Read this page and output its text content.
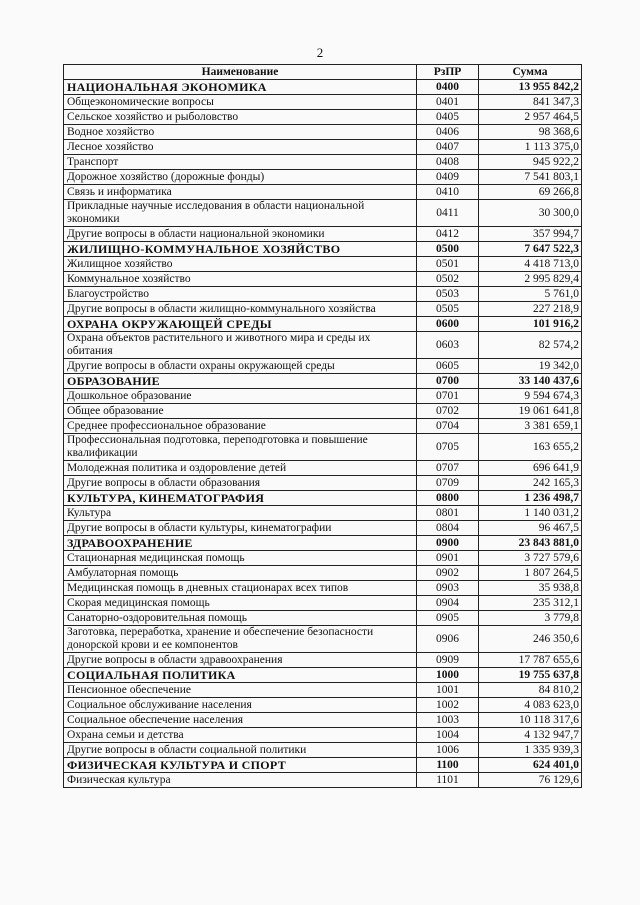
2
Наименование	РзПР	Сумма
НАЦИОНАЛЬНАЯ ЭКОНОМИКА	0400	13 955 842,2
Общеэкономические вопросы	0401	841 347,3
Сельское хозяйство и рыболовство	0405	2 957 464,5
Водное хозяйство	0406	98 368,6
Лесное хозяйство	0407	1 113 375,0
Транспорт	0408	945 922,2
Дорожное хозяйство (дорожные фонды)	0409	7 541 803,1
Связь и информатика	0410	69 266,8
Прикладные научные исследования в области национальной экономики	0411	30 300,0
Другие вопросы в области национальной экономики	0412	357 994,7
ЖИЛИЩНО-КОММУНАЛЬНОЕ ХОЗЯЙСТВО	0500	7 647 522,3
Жилищное хозяйство	0501	4 418 713,0
Коммунальное хозяйство	0502	2 995 829,4
Благоустройство	0503	5 761,0
Другие вопросы в области жилищно-коммунального хозяйства	0505	227 218,9
ОХРАНА ОКРУЖАЮЩЕЙ СРЕДЫ	0600	101 916,2
Охрана объектов растительного и животного мира и среды их обитания	0603	82 574,2
Другие вопросы в области охраны окружающей среды	0605	19 342,0
ОБРАЗОВАНИЕ	0700	33 140 437,6
Дошкольное образование	0701	9 594 674,3
Общее образование	0702	19 061 641,8
Среднее профессиональное образование	0704	3 381 659,1
Профессиональная подготовка, переподготовка и повышение квалификации	0705	163 655,2
Молодежная политика и оздоровление детей	0707	696 641,9
Другие вопросы в области образования	0709	242 165,3
КУЛЬТУРА, КИНЕМАТОГРАФИЯ	0800	1 236 498,7
Культура	0801	1 140 031,2
Другие вопросы в области культуры, кинематографии	0804	96 467,5
ЗДРАВООХРАНЕНИЕ	0900	23 843 881,0
Стационарная медицинская помощь	0901	3 727 579,6
Амбулаторная помощь	0902	1 807 264,5
Медицинская помощь в дневных стационарах всех типов	0903	35 938,8
Скорая медицинская помощь	0904	235 312,1
Санаторно-оздоровительная помощь	0905	3 779,8
Заготовка, переработка, хранение и обеспечение безопасности донорской крови и ее компонентов	0906	246 350,6
Другие вопросы в области здравоохранения	0909	17 787 655,6
СОЦИАЛЬНАЯ ПОЛИТИКА	1000	19 755 637,8
Пенсионное обеспечение	1001	84 810,2
Социальное обслуживание населения	1002	4 083 623,0
Социальное обеспечение населения	1003	10 118 317,6
Охрана семьи и детства	1004	4 132 947,7
Другие вопросы в области социальной политики	1006	1 335 939,3
ФИЗИЧЕСКАЯ КУЛЬТУРА И СПОРТ	1100	624 401,0
Физическая культура	1101	76 129,6
